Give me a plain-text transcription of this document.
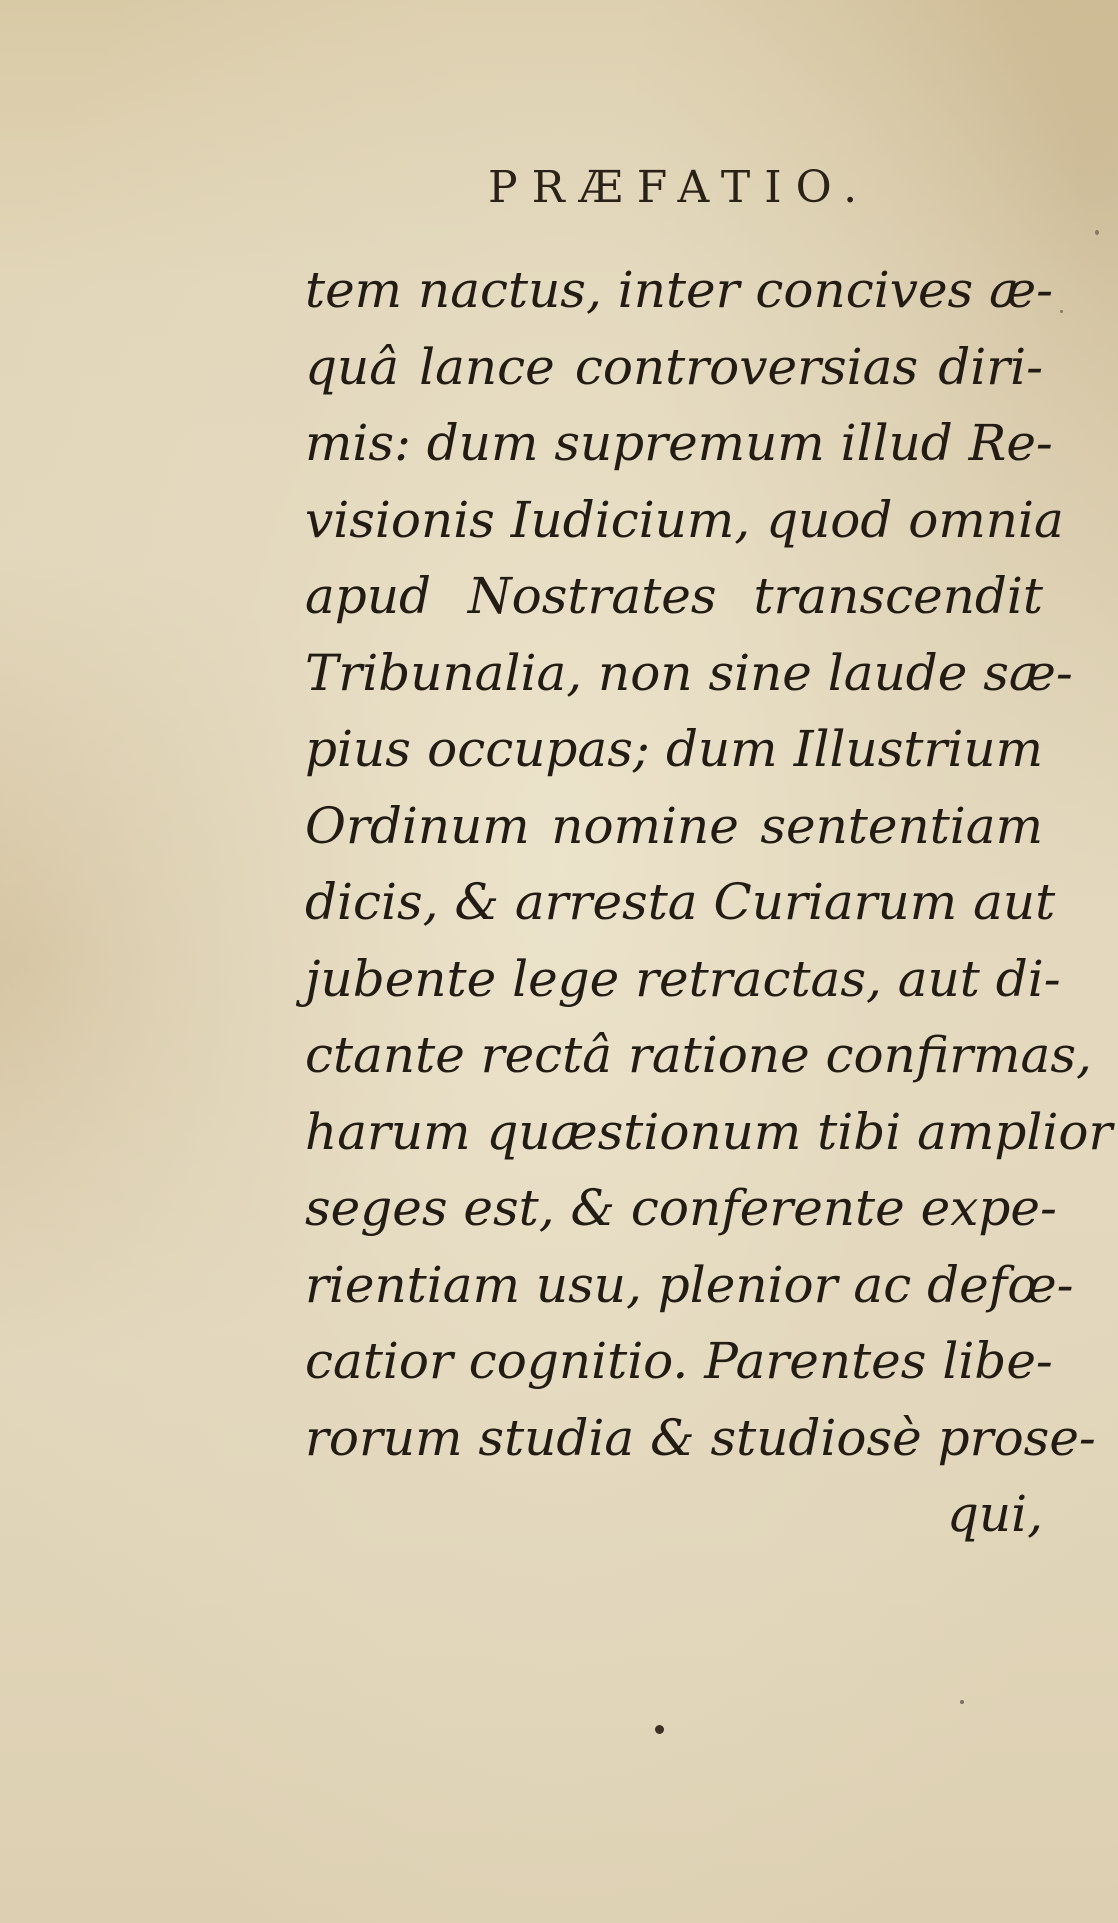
PRÆFATIO.
tem nactus, inter concives æ-
quâ lance controversias diri-
mis: dum supremum illud Re-
visionis Iudicium, quod omnia
apud Nostrates transcendit
Tribunalia, non sine laude sæ-
pius occupas; dum Illustrium
Ordinum nomine sententiam
dicis, & arresta Curiarum aut
jubente lege retractas, aut di-
ctante rectâ ratione confirmas,
harum quæstionum tibi amplior
seges est, & conferente expe-
rientiam usu, plenior ac defœ-
catior cognitio. Parentes libe-
rorum studia & studiosè prose-
qui,
